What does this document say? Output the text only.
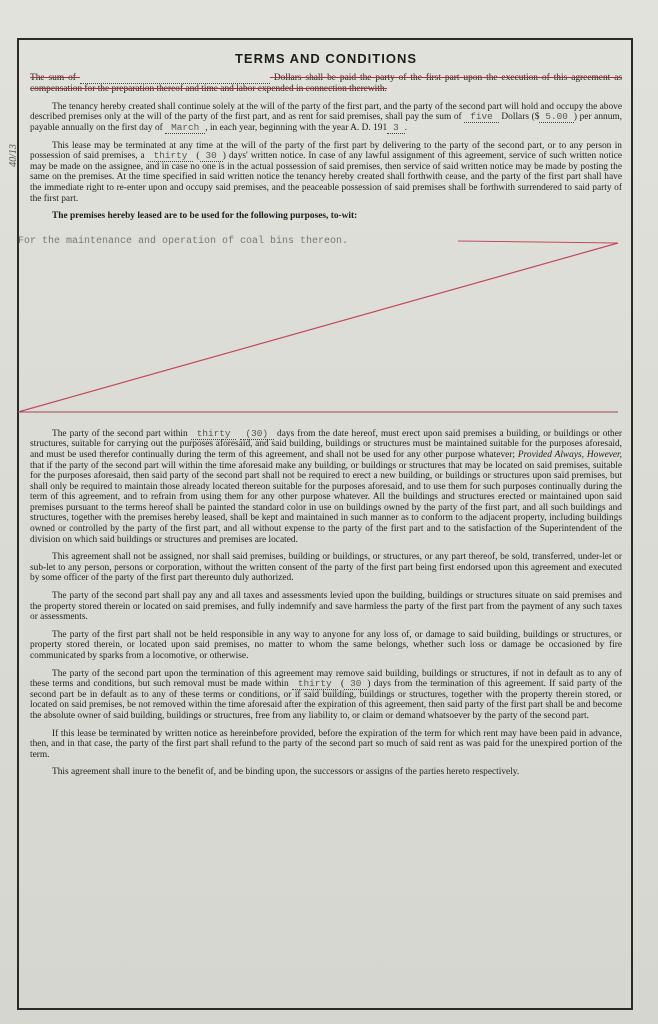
40/13
TERMS AND CONDITIONS

The sum of	Dollars shall be paid the party of the first part upon the execution of this agreement as compensation for the preparation thereof and time and labor expended in connection therewith.

The tenancy hereby created shall continue solely at the will of the party of the first part, and the party of the second part will hold and occupy the above described premises only at the will of the party of the first part, and as rent for said premises, shall pay the sum of five Dollars ($ 5.00 ) per annum, payable annually on the first day of March , in each year, beginning with the year A. D. 191 3 .

This lease may be terminated at any time at the will of the party of the first part by delivering to the party of the second part, or to any person in possession of said premises, a thirty ( 30 ) days' written notice. In case of any lawful assignment of this agreement, service of such written notice may be made on the assignee, and in case no one is in the actual possession of said premises, then service of said written notice may be made by posting the same on the premises. At the time specified in said written notice the tenancy hereby created shall forthwith cease, and the party of the first part shall have the immediate right to re-enter upon and occupy said premises, and the peaceable possession of said premises shall be forthwith surrendered to said party of the first part.

The premises hereby leased are to be used for the following purposes, to-wit:

For the maintenance and operation of coal bins thereon.

The party of the second part within thirty (30) days from the date hereof, must erect upon said premises a building, or buildings or other structures, suitable for carrying out the purposes aforesaid, and said building, buildings or structures must be maintained suitable for the purposes aforesaid, and must be used therefor continually during the term of this agreement, and shall not be used for any other purpose whatever; Provided Always, However, that if the party of the second part will within the time aforesaid make any building, or buildings or structures that may be located on said premises, suitable for the purposes aforesaid, then said party of the second part shall not be required to erect a new building, or buildings or structures upon said premises, but shall only be required to maintain those already located thereon suitable for the purposes aforesaid, and to use them for such purposes continually during the term of this agreement, and to refrain from using them for any other purpose whatever. All the buildings and structures erected or maintained upon said premises pursuant to the terms hereof shall be painted the standard color in use on buildings owned by the party of the first part, and all such buildings and structures, together with the premises hereby leased, shall be kept and maintained in such manner as to conform to the adjacent property, including buildings owned or controlled by the party of the first part, and all without expense to the party of the first part and to the satisfaction of the Superintendent of the division on which said buildings or structures and premises are located.

This agreement shall not be assigned, nor shall said premises, building or buildings, or structures, or any part thereof, be sold, transferred, under-let or sub-let to any person, persons or corporation, without the written consent of the party of the first part being first endorsed upon this agreement and executed by some officer of the party of the first part thereunto duly authorized.

The party of the second part shall pay any and all taxes and assessments levied upon the building, buildings or structures situate on said premises and the property stored therein or located on said premises, and fully indemnify and save harmless the party of the first part from the payment of any such taxes or assessments.

The party of the first part shall not be held responsible in any way to anyone for any loss of, or damage to said building, buildings or structures, or property stored therein, or located upon said premises, no matter to whom the same belongs, whether such loss or damage be occasioned by fire communicated by sparks from a locomotive, or otherwise.

The party of the second part upon the termination of this agreement may remove said building, buildings or structures, if not in default as to any of these terms and conditions, but such removal must be made within thirty ( 30 ) days from the termination of this agreement. If said party of the second part be in default as to any of these terms or conditions, or if said building, buildings or structures, together with the property therein stored, or located on said premises, be not removed within the time aforesaid after the expiration of this agreement, then said party of the first part shall be and become the absolute owner of said building, buildings or structures, free from any liability to, or claim or demand whatsoever by the party of the second part.

If this lease be terminated by written notice as hereinbefore provided, before the expiration of the term for which rent may have been paid in advance, then, and in that case, the party of the first part shall refund to the party of the second part so much of said rent as was paid for the unexpired portion of the term.

This agreement shall inure to the benefit of, and be binding upon, the successors or assigns of the parties hereto respectively.
